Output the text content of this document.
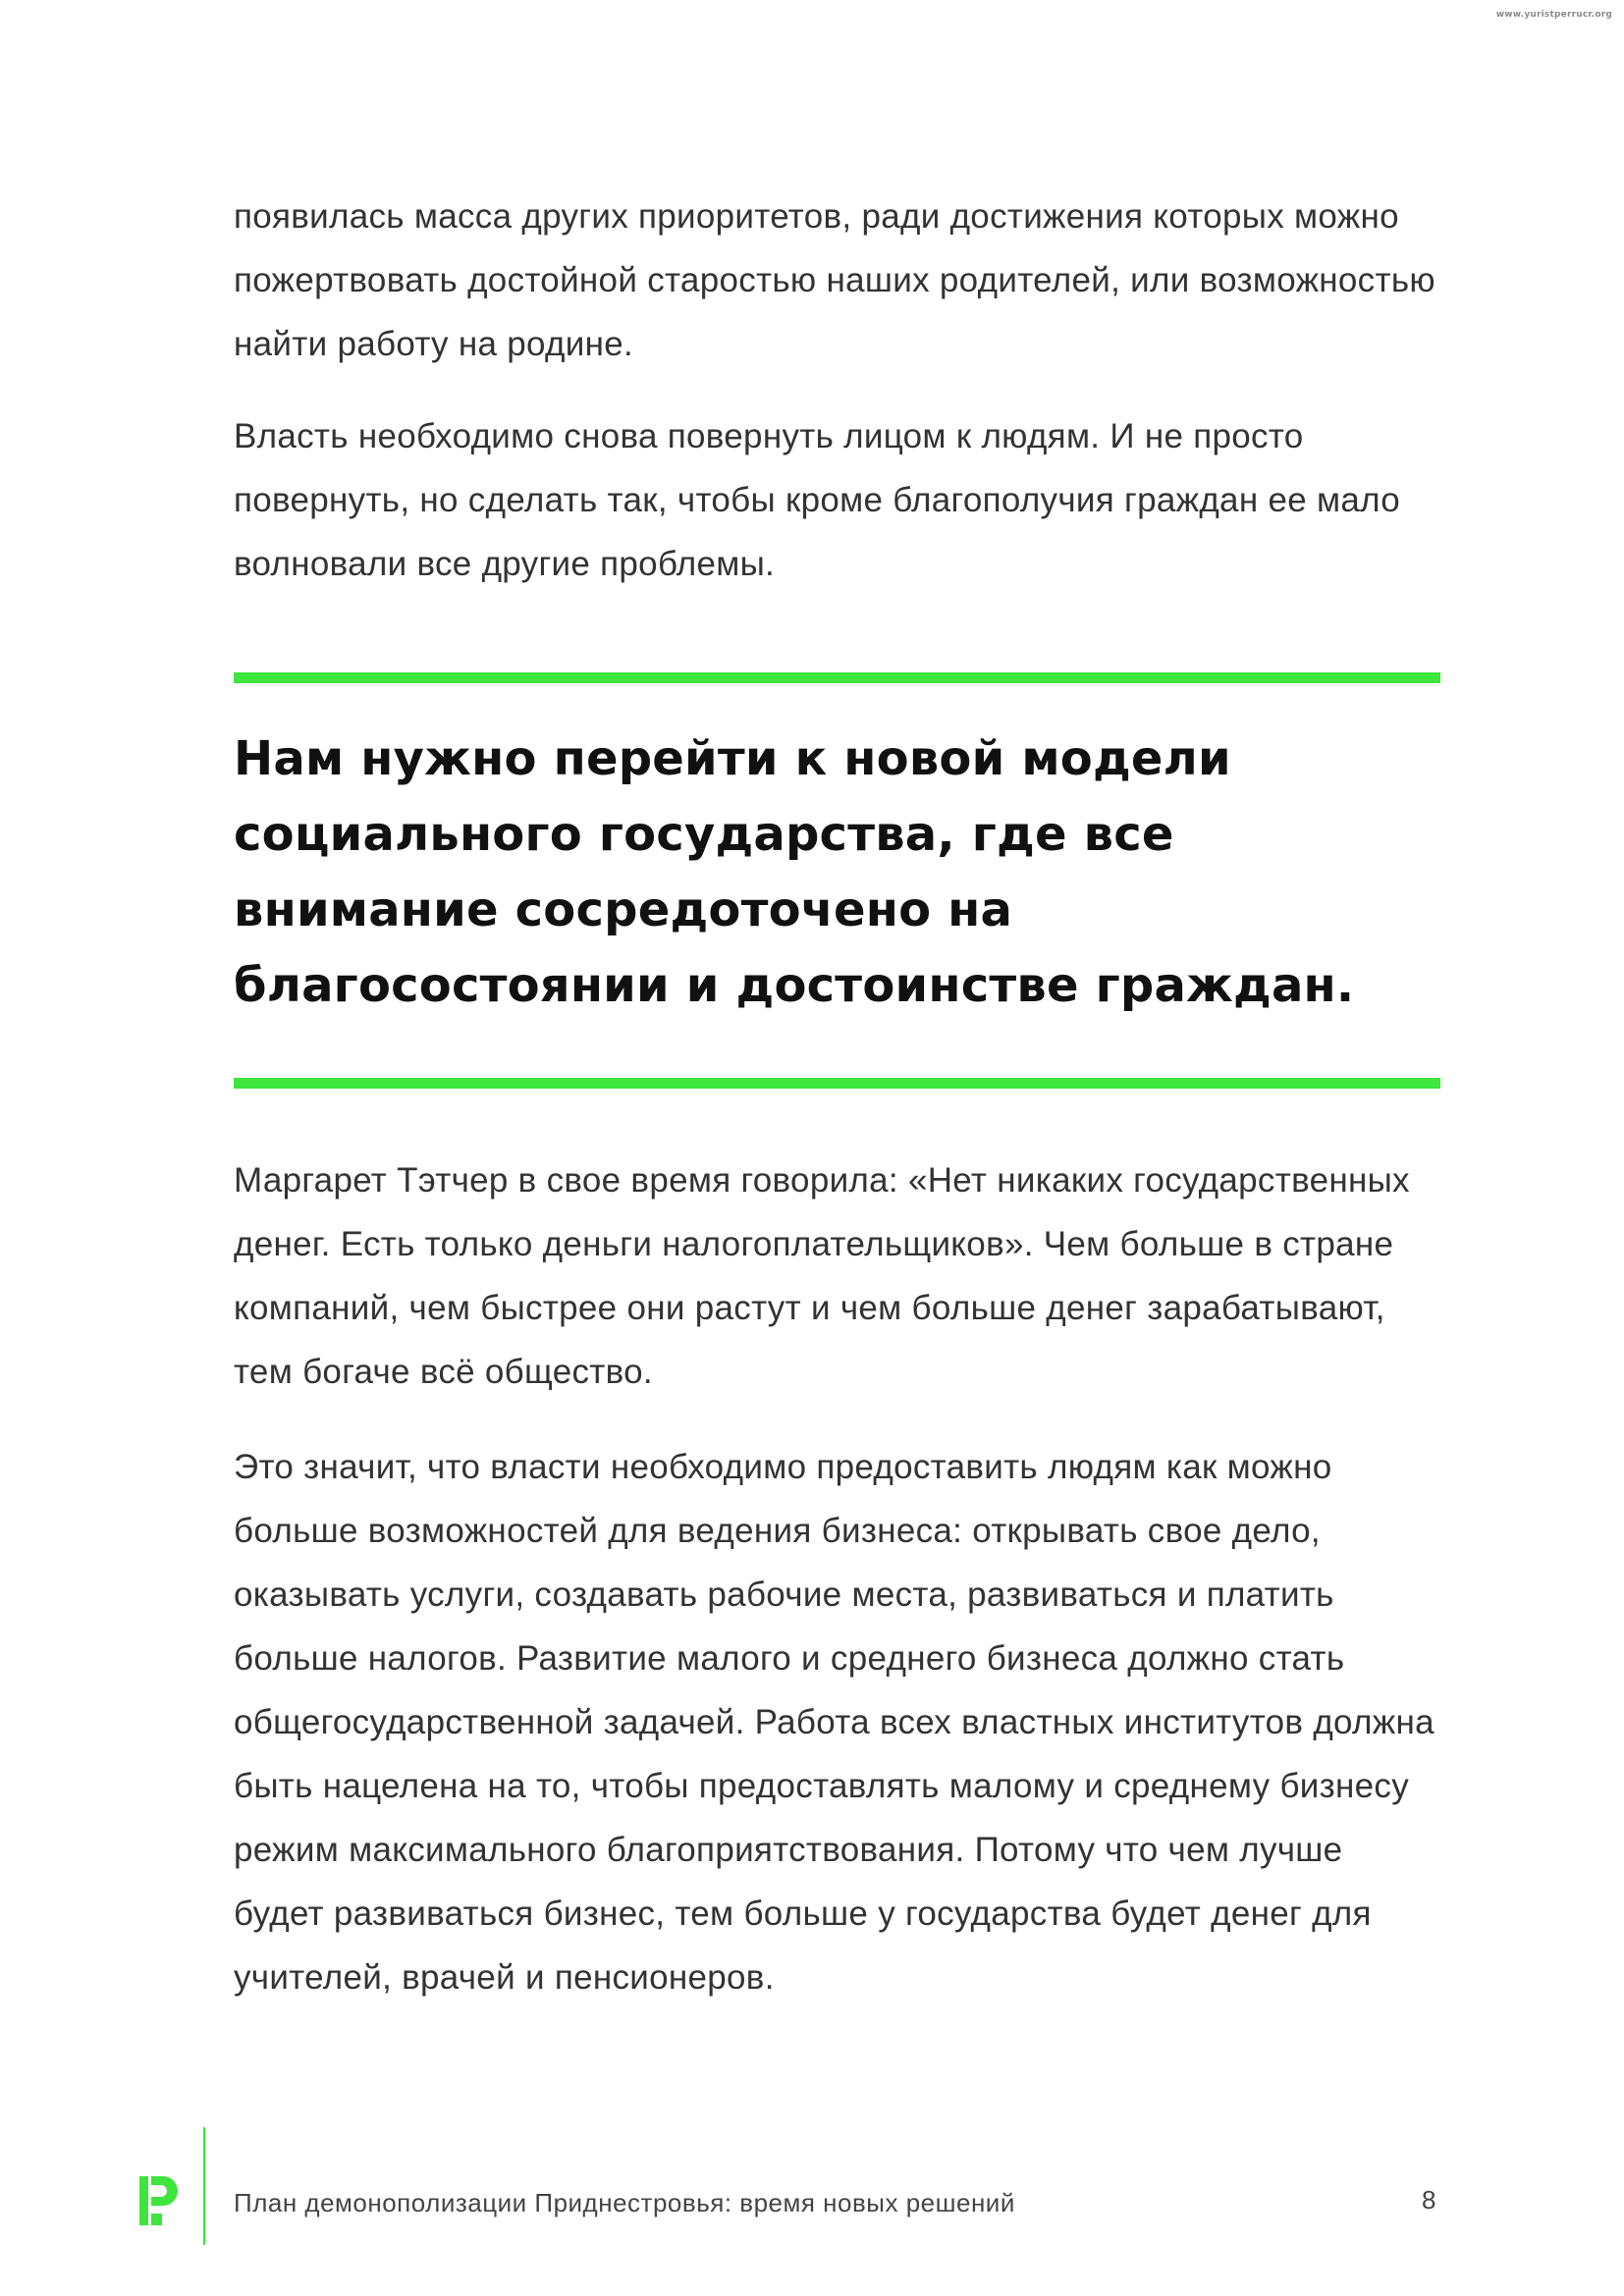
www.yuristperrucr.org

появилась масса других приоритетов, ради достижения которых можно пожертвовать достойной старостью наших родителей, или возможностью найти работу на родине.

Власть необходимо снова повернуть лицом к людям. И не просто повернуть, но сделать так, чтобы кроме благополучия граждан ее мало волновали все другие проблемы.

Нам нужно перейти к новой модели социального государства, где все внимание сосредоточено на благосостоянии и достоинстве граждан.

Маргарет Тэтчер в свое время говорила: «Нет никаких государственных денег. Есть только деньги налогоплательщиков». Чем больше в стране компаний, чем быстрее они растут и чем больше денег зарабатывают, тем богаче всё общество.

Это значит, что власти необходимо предоставить людям как можно больше возможностей для ведения бизнеса: открывать свое дело, оказывать услуги, создавать рабочие места, развиваться и платить больше налогов. Развитие малого и среднего бизнеса должно стать общегосударственной задачей. Работа всех властных институтов должна быть нацелена на то, чтобы предоставлять малому и среднему бизнесу режим максимального благоприятствования. Потому что чем лучше будет развиваться бизнес, тем больше у государства будет денег для учителей, врачей и пенсионеров.

План демонополизации Приднестровья: время новых решений	8
